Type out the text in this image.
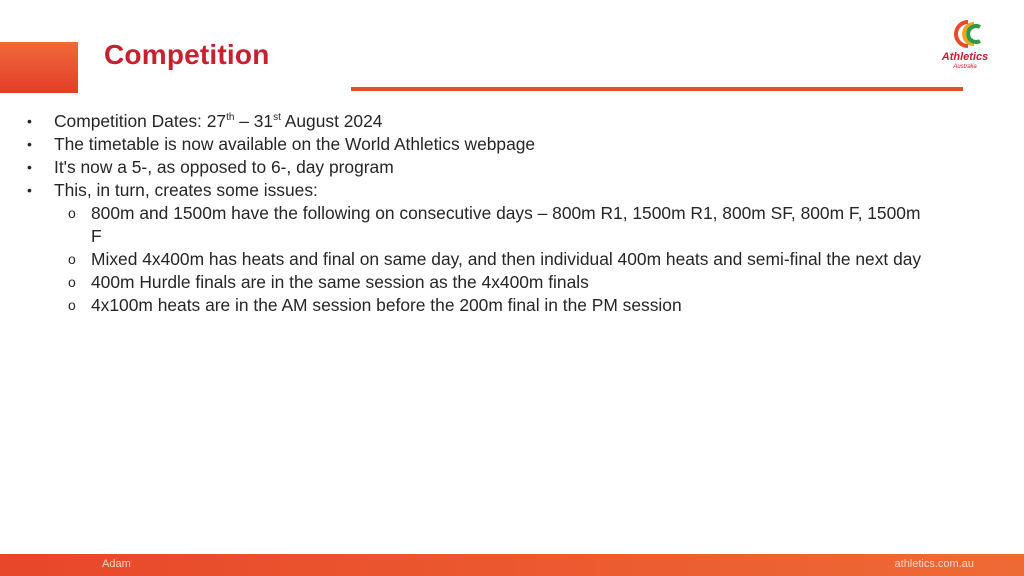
Competition	Athletics
Australia
• Competition Dates: 27th – 31st August 2024
• The timetable is now available on the World Athletics webpage
• It's now a 5-, as opposed to 6-, day program
• This, in turn, creates some issues:
o 800m and 1500m have the following on consecutive days – 800m R1, 1500m R1, 800m SF, 800m F, 1500m F
o Mixed 4x400m has heats and final on same day, and then individual 400m heats and semi-final the next day
o 400m Hurdle finals are in the same session as the 4x400m finals
o 4x100m heats are in the AM session before the 200m final in the PM session
Adam	athletics.com.au
